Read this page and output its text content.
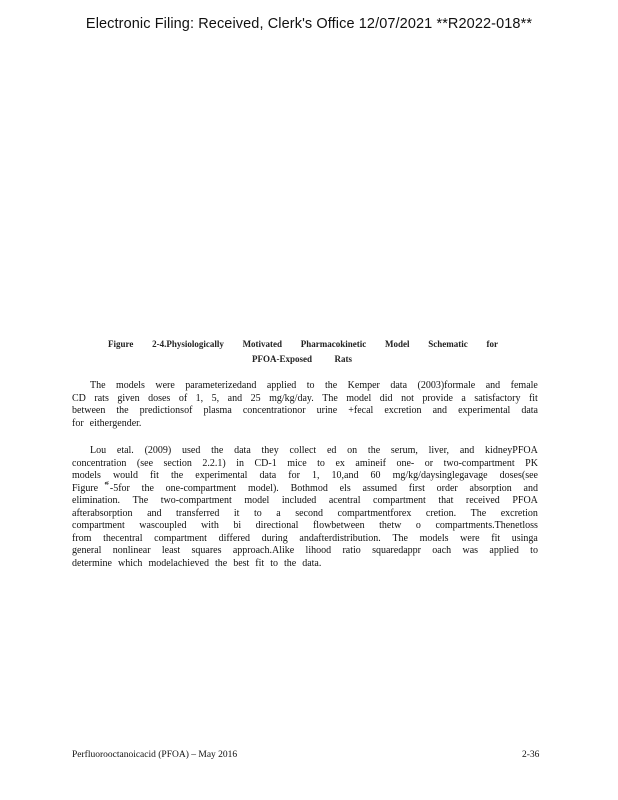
Electronic Filing: Received, Clerk's Office 12/07/2021 **R2022-018**
Figure 2-4.Physiologically Motivated Pharmacokinetic Model Schematic for
PFOA-Exposed Rats
The models were parameterizedand applied to the Kemper data (2003)formale and female
CD rats given doses of 1, 5, and 25 mg/kg/day. The model did not provide a satisfactory fit
between the predictionsof plasma concentrationor urine +fecal excretion and experimental data
for eithergender.
Lou etal. (2009) used the data they collect ed on the serum, liver, and kidneyPFOA
concentration (see section 2.2.1) in CD-1 mice to ex amineif one- or two-compartment PK
models would fit the experimental data for 1, 10,and 60 mg/kg/daysinglegavage doses(see
Figure ็-5for the one-compartment model). Bothmod els assumed first order absorption and
elimination. The two-compartment model included acentral compartment that received PFOA
afterabsorption and transferred it to a second compartmentforex cretion. The excretion
compartment wascoupled with bi directional flowbetween thetw o compartments.Thenetloss
from thecentral compartment differed during andafterdistribution. The models were fit usinga
general nonlinear least squares approach.Alike lihood ratio squaredappr oach was applied to
determine which modelachieved the best fit to the data.
Perfluorooctanoicacid (PFOA) – May 2016	2-36
